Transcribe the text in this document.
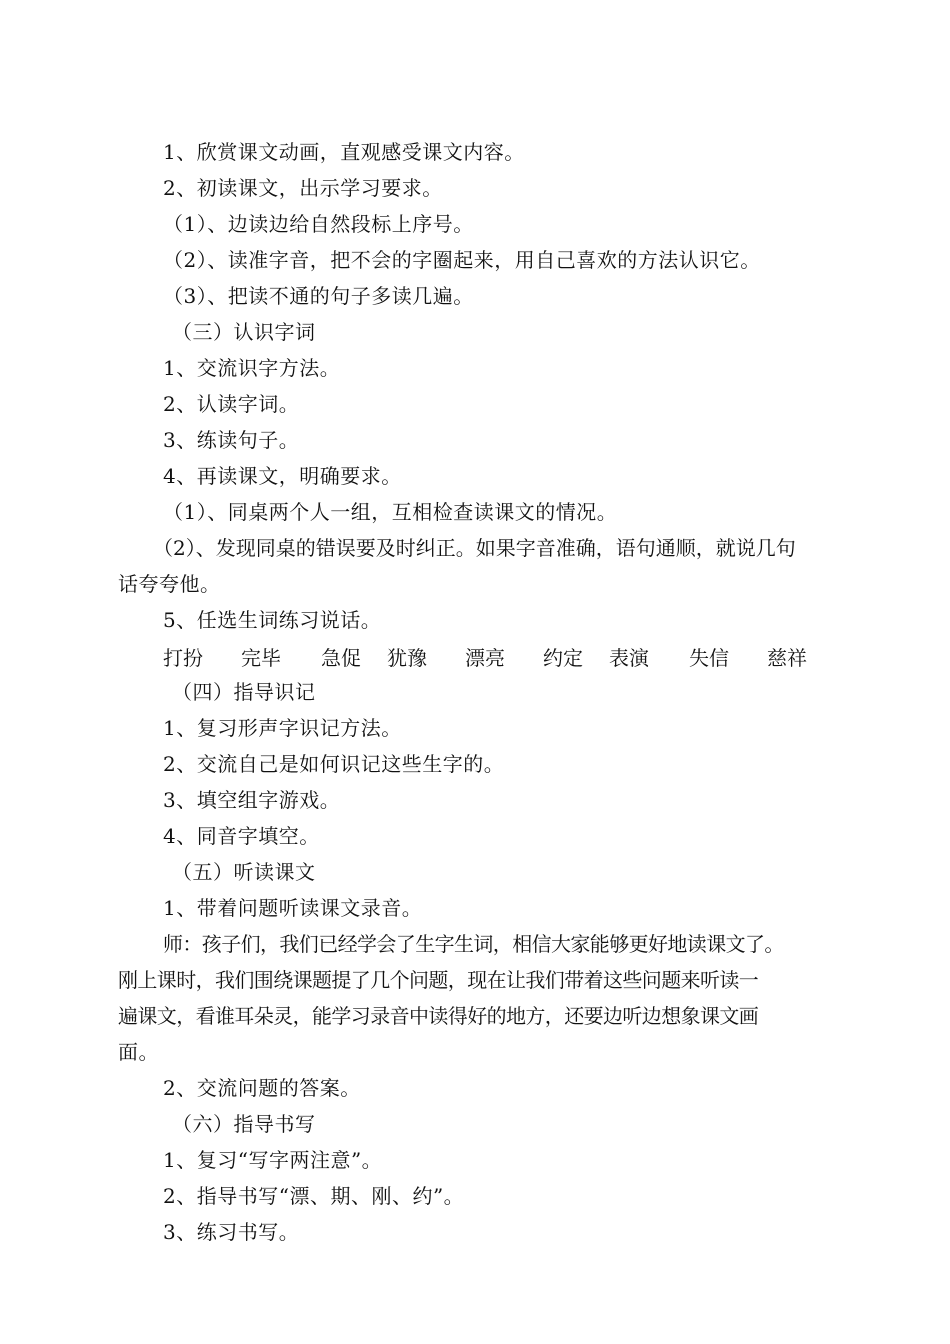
1、欣赏课文动画，直观感受课文内容。
2、初读课文，出示学习要求。
（1）、边读边给自然段标上序号。
（2）、读准字音，把不会的字圈起来，用自己喜欢的方法认识它。
（3）、把读不通的句子多读几遍。
（三）认识字词
1、交流识字方法。
2、认读字词。
3、练读句子。
4、再读课文，明确要求。
（1）、同桌两个人一组，互相检查读课文的情况。
（2）、发现同桌的错误要及时纠正。如果字音准确，语句通顺，就说几句
话夸夸他。
5、任选生词练习说话。
打扮 完毕 急促 犹豫 漂亮 约定 表演 失信 慈祥
（四）指导识记
1、复习形声字识记方法。
2、交流自己是如何识记这些生字的。
3、填空组字游戏。
4、同音字填空。
（五）听读课文
1、带着问题听读课文录音。
师：孩子们，我们已经学会了生字生词，相信大家能够更好地读课文了。
刚上课时，我们围绕课题提了几个问题，现在让我们带着这些问题来听读一
遍课文，看谁耳朵灵，能学习录音中读得好的地方，还要边听边想象课文画
面。
2、交流问题的答案。
（六）指导书写
1、复习“写字两注意”。
2、指导书写“漂、期、刚、约”。
3、练习书写。
